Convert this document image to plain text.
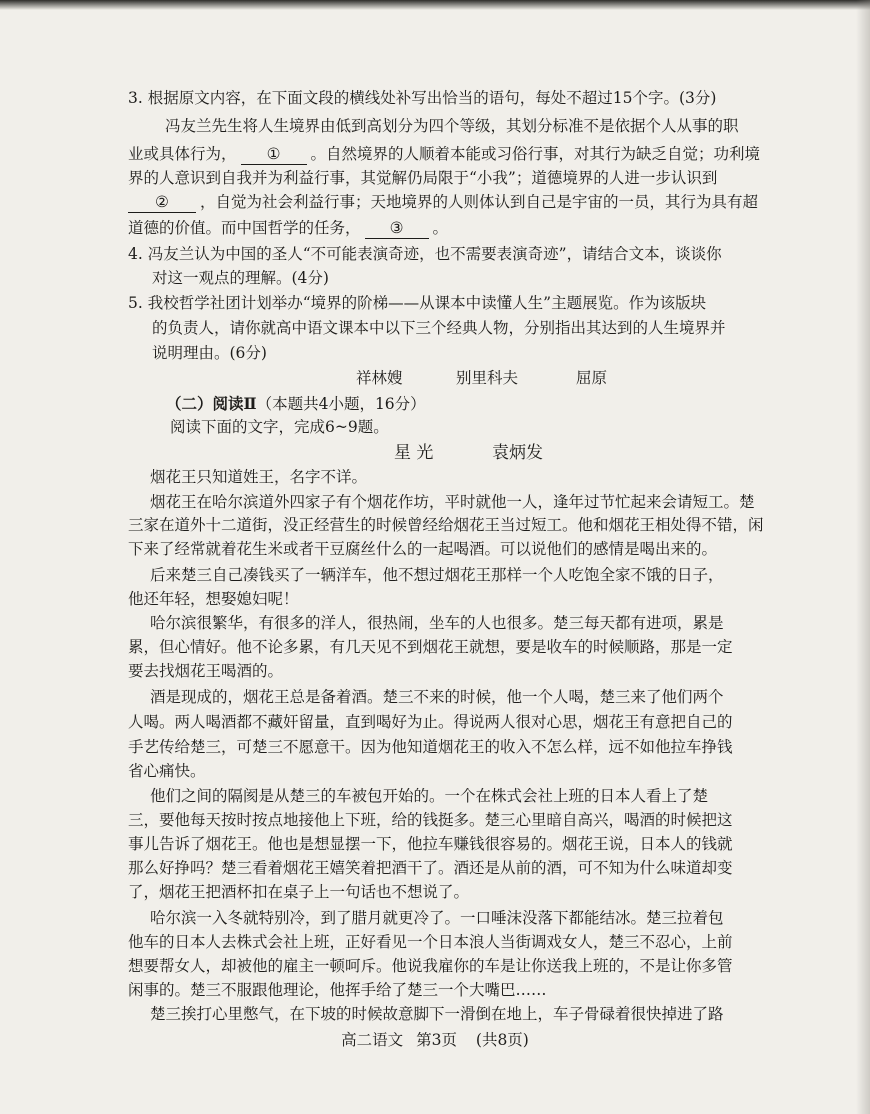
3. 根据原文内容，在下面文段的横线处补写出恰当的语句，每处不超过15个字。(3分)
冯友兰先生将人生境界由低到高划分为四个等级，其划分标准不是依据个人从事的职
业或具体行为， ① 。自然境界的人顺着本能或习俗行事，对其行为缺乏自觉；功利境
界的人意识到自我并为利益行事，其觉解仍局限于“小我”；道德境界的人进一步认识到
② ，自觉为社会利益行事；天地境界的人则体认到自己是宇宙的一员，其行为具有超
道德的价值。而中国哲学的任务， ③ 。
4. 冯友兰认为中国的圣人“不可能表演奇迹，也不需要表演奇迹”，请结合文本，谈谈你
对这一观点的理解。(4分)
5. 我校哲学社团计划举办“境界的阶梯——从课本中读懂人生”主题展览。作为该版块
的负责人，请你就高中语文课本中以下三个经典人物，分别指出其达到的人生境界并
说明理由。(6分)
祥林嫂	别里科夫	屈原
（二）阅读Ⅱ（本题共4小题，16分）
阅读下面的文字，完成6~9题。
星 光	袁炳发
烟花王只知道姓王，名字不详。
烟花王在哈尔滨道外四家子有个烟花作坊，平时就他一人，逢年过节忙起来会请短工。楚
三家在道外十二道街，没正经营生的时候曾经给烟花王当过短工。他和烟花王相处得不错，闲
下来了经常就着花生米或者干豆腐丝什么的一起喝酒。可以说他们的感情是喝出来的。
后来楚三自己凑钱买了一辆洋车，他不想过烟花王那样一个人吃饱全家不饿的日子，
他还年轻，想娶媳妇呢！
哈尔滨很繁华，有很多的洋人，很热闹，坐车的人也很多。楚三每天都有进项，累是
累，但心情好。他不论多累，有几天见不到烟花王就想，要是收车的时候顺路，那是一定
要去找烟花王喝酒的。
酒是现成的，烟花王总是备着酒。楚三不来的时候，他一个人喝，楚三来了他们两个
人喝。两人喝酒都不藏奸留量，直到喝好为止。得说两人很对心思，烟花王有意把自己的
手艺传给楚三，可楚三不愿意干。因为他知道烟花王的收入不怎么样，远不如他拉车挣钱
省心痛快。
他们之间的隔阂是从楚三的车被包开始的。一个在株式会社上班的日本人看上了楚
三，要他每天按时按点地接他上下班，给的钱挺多。楚三心里暗自高兴，喝酒的时候把这
事儿告诉了烟花王。他也是想显摆一下，他拉车赚钱很容易的。烟花王说，日本人的钱就
那么好挣吗？楚三看着烟花王嬉笑着把酒干了。酒还是从前的酒，可不知为什么味道却变
了，烟花王把酒杯扣在桌子上一句话也不想说了。
哈尔滨一入冬就特别冷，到了腊月就更冷了。一口唾沫没落下都能结冰。楚三拉着包
他车的日本人去株式会社上班，正好看见一个日本浪人当街调戏女人，楚三不忍心，上前
想要帮女人，却被他的雇主一顿呵斥。他说我雇你的车是让你送我上班的，不是让你多管
闲事的。楚三不服跟他理论，他挥手给了楚三一个大嘴巴……
楚三挨打心里憋气，在下坡的时候故意脚下一滑倒在地上，车子骨碌着很快掉进了路
高二语文 第3页 (共8页)
